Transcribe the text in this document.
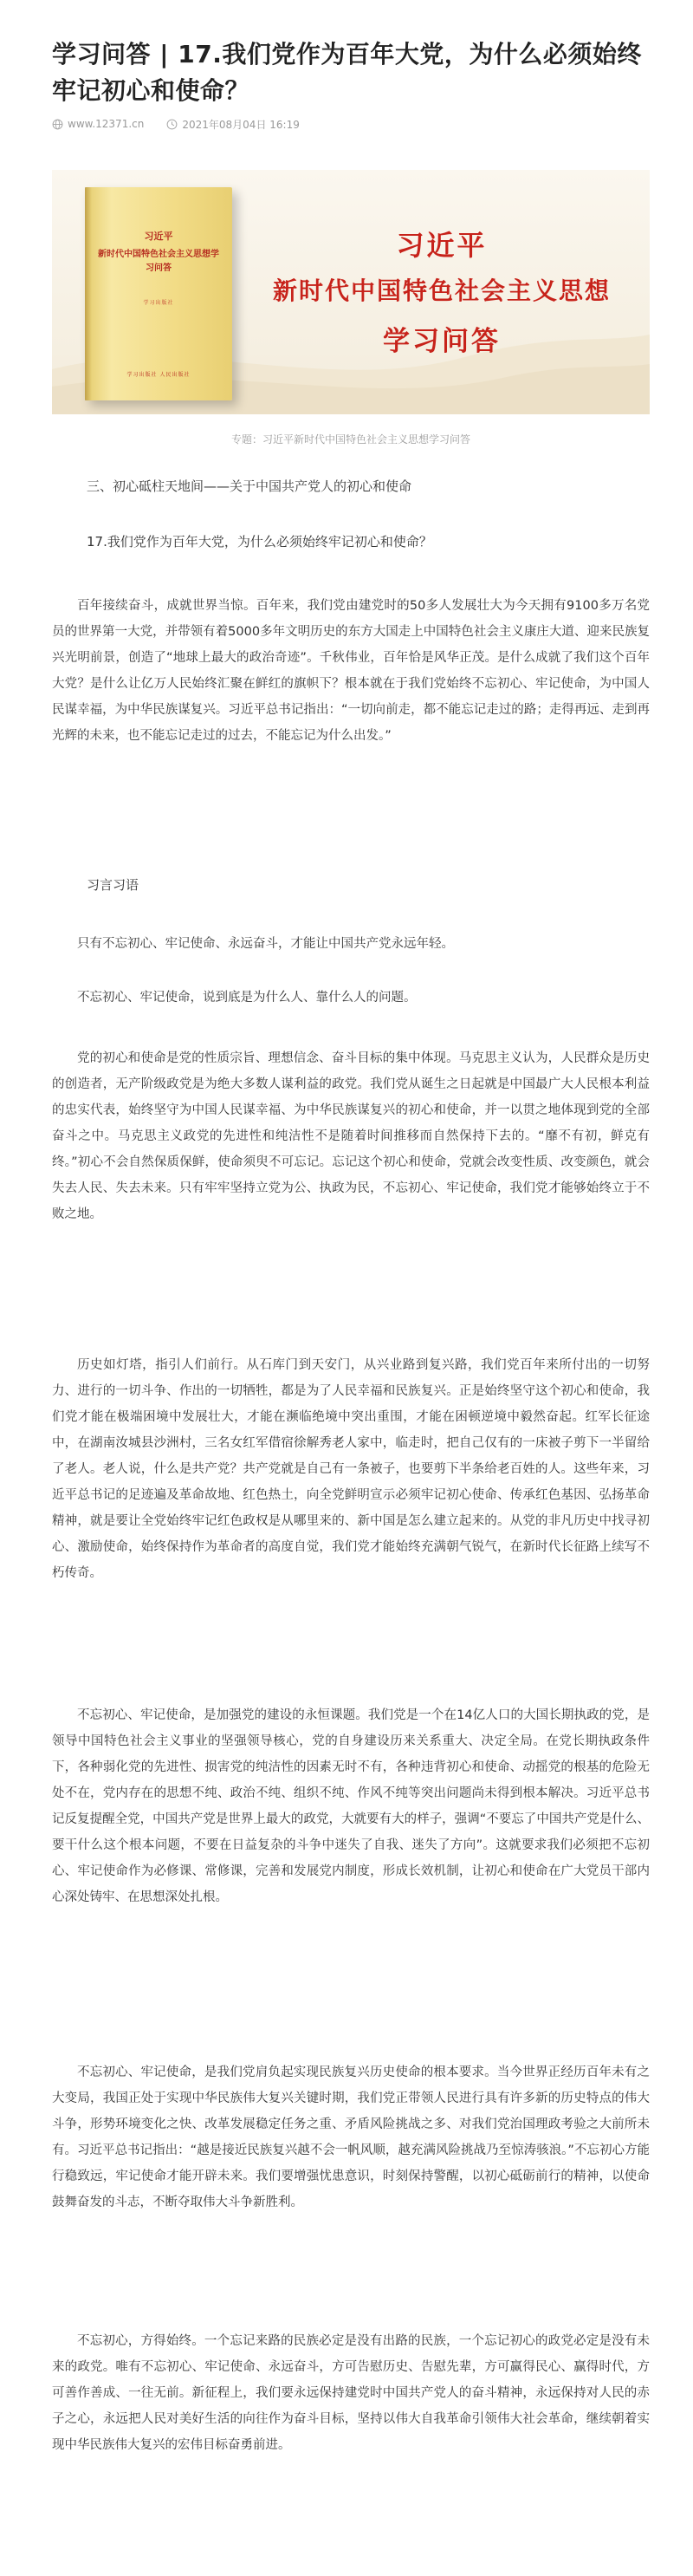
学习问答 | 17.我们党作为百年大党，为什么必须始终牢记初心和使命？
www.12371.cn	2021年08月04日 16:19
习近平
新时代中国特色社会主义思想学习问答
学习出版社
学习出版社 人民出版社
习近平
新时代中国特色社会主义思想
学习问答
专题：习近平新时代中国特色社会主义思想学习问答
三、初心砥柱天地间——关于中国共产党人的初心和使命
17.我们党作为百年大党，为什么必须始终牢记初心和使命？

百年接续奋斗，成就世界当惊。百年来，我们党由建党时的50多人发展壮大为今天拥有9100多万名党员的世界第一大党，并带领有着5000多年文明历史的东方大国走上中国特色社会主义康庄大道、迎来民族复兴光明前景，创造了“地球上最大的政治奇迹”。千秋伟业，百年恰是风华正茂。是什么成就了我们这个百年大党？是什么让亿万人民始终汇聚在鲜红的旗帜下？根本就在于我们党始终不忘初心、牢记使命，为中国人民谋幸福，为中华民族谋复兴。习近平总书记指出：“一切向前走，都不能忘记走过的路；走得再远、走到再光辉的未来，也不能忘记走过的过去，不能忘记为什么出发。”

习言习语

只有不忘初心、牢记使命、永远奋斗，才能让中国共产党永远年轻。

不忘初心、牢记使命，说到底是为什么人、靠什么人的问题。

党的初心和使命是党的性质宗旨、理想信念、奋斗目标的集中体现。马克思主义认为，人民群众是历史的创造者，无产阶级政党是为绝大多数人谋利益的政党。我们党从诞生之日起就是中国最广大人民根本利益的忠实代表，始终坚守为中国人民谋幸福、为中华民族谋复兴的初心和使命，并一以贯之地体现到党的全部奋斗之中。马克思主义政党的先进性和纯洁性不是随着时间推移而自然保持下去的。“靡不有初，鲜克有终。”初心不会自然保质保鲜，使命须臾不可忘记。忘记这个初心和使命，党就会改变性质、改变颜色，就会失去人民、失去未来。只有牢牢坚持立党为公、执政为民，不忘初心、牢记使命，我们党才能够始终立于不败之地。

历史如灯塔，指引人们前行。从石库门到天安门，从兴业路到复兴路，我们党百年来所付出的一切努力、进行的一切斗争、作出的一切牺牲，都是为了人民幸福和民族复兴。正是始终坚守这个初心和使命，我们党才能在极端困境中发展壮大，才能在濒临绝境中突出重围，才能在困顿逆境中毅然奋起。红军长征途中，在湖南汝城县沙洲村，三名女红军借宿徐解秀老人家中，临走时，把自己仅有的一床被子剪下一半留给了老人。老人说，什么是共产党？共产党就是自己有一条被子，也要剪下半条给老百姓的人。这些年来，习近平总书记的足迹遍及革命故地、红色热土，向全党鲜明宣示必须牢记初心使命、传承红色基因、弘扬革命精神，就是要让全党始终牢记红色政权是从哪里来的、新中国是怎么建立起来的。从党的非凡历史中找寻初心、激励使命，始终保持作为革命者的高度自觉，我们党才能始终充满朝气锐气，在新时代长征路上续写不朽传奇。

不忘初心、牢记使命，是加强党的建设的永恒课题。我们党是一个在14亿人口的大国长期执政的党，是领导中国特色社会主义事业的坚强领导核心，党的自身建设历来关系重大、决定全局。在党长期执政条件下，各种弱化党的先进性、损害党的纯洁性的因素无时不有，各种违背初心和使命、动摇党的根基的危险无处不在，党内存在的思想不纯、政治不纯、组织不纯、作风不纯等突出问题尚未得到根本解决。习近平总书记反复提醒全党，中国共产党是世界上最大的政党，大就要有大的样子，强调“不要忘了中国共产党是什么、要干什么这个根本问题，不要在日益复杂的斗争中迷失了自我、迷失了方向”。这就要求我们必须把不忘初心、牢记使命作为必修课、常修课，完善和发展党内制度，形成长效机制，让初心和使命在广大党员干部内心深处铸牢、在思想深处扎根。

不忘初心、牢记使命，是我们党肩负起实现民族复兴历史使命的根本要求。当今世界正经历百年未有之大变局，我国正处于实现中华民族伟大复兴关键时期，我们党正带领人民进行具有许多新的历史特点的伟大斗争，形势环境变化之快、改革发展稳定任务之重、矛盾风险挑战之多、对我们党治国理政考验之大前所未有。习近平总书记指出：“越是接近民族复兴越不会一帆风顺，越充满风险挑战乃至惊涛骇浪。”不忘初心方能行稳致远，牢记使命才能开辟未来。我们要增强忧患意识，时刻保持警醒，以初心砥砺前行的精神，以使命鼓舞奋发的斗志，不断夺取伟大斗争新胜利。

不忘初心，方得始终。一个忘记来路的民族必定是没有出路的民族，一个忘记初心的政党必定是没有未来的政党。唯有不忘初心、牢记使命、永远奋斗，方可告慰历史、告慰先辈，方可赢得民心、赢得时代，方可善作善成、一往无前。新征程上，我们要永远保持建党时中国共产党人的奋斗精神，永远保持对人民的赤子之心，永远把人民对美好生活的向往作为奋斗目标，坚持以伟大自我革命引领伟大社会革命，继续朝着实现中华民族伟大复兴的宏伟目标奋勇前进。
